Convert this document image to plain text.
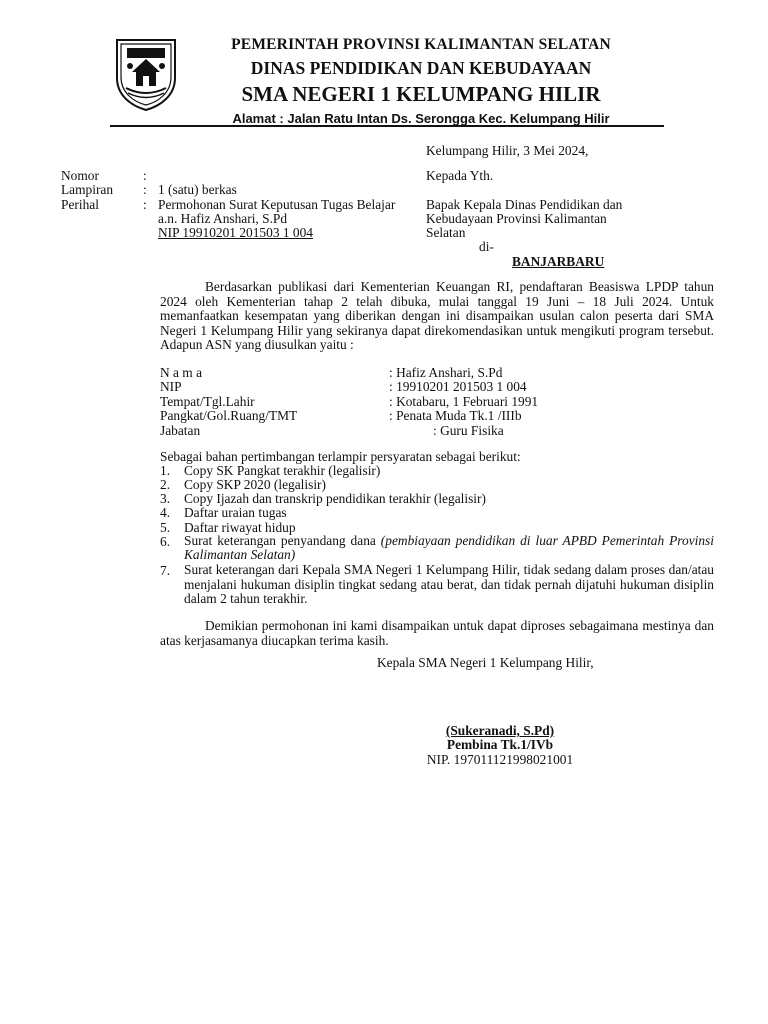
PEMERINTAH PROVINSI KALIMANTAN SELATAN
DINAS PENDIDIKAN DAN KEBUDAYAAN
SMA NEGERI 1 KELUMPANG HILIR
Alamat : Jalan Ratu Intan Ds. Serongga Kec. Kelumpang Hilir
Kelumpang Hilir, 3 Mei 2024,
Nomor	:
Lampiran : 1 (satu) berkas
Perihal	: Permohonan Surat Keputusan Tugas Belajar
a.n. Hafiz Anshari, S.Pd
NIP 19910201 201503 1 004
Kepada Yth.
Bapak Kepala Dinas Pendidikan dan
Kebudayaan Provinsi Kalimantan
Selatan
di-
BANJARBARU
Berdasarkan publikasi dari Kementerian Keuangan RI, pendaftaran Beasiswa LPDP tahun 2024 oleh Kementerian tahap 2 telah dibuka, mulai tanggal 19 Juni – 18 Juli 2024. Untuk memanfaatkan kesempatan yang diberikan dengan ini disampaikan usulan calon peserta dari SMA Negeri 1 Kelumpang Hilir yang sekiranya dapat direkomendasikan untuk mengikuti program tersebut. Adapun ASN yang diusulkan yaitu :
N a m a	: Hafiz Anshari, S.Pd
NIP	: 19910201 201503 1 004
Tempat/Tgl.Lahir	: Kotabaru, 1 Februari 1991
Pangkat/Gol.Ruang/TMT	: Penata Muda Tk.1 /IIIb
Jabatan	: Guru Fisika
Sebagai bahan pertimbangan terlampir persyaratan sebagai berikut:
1. Copy SK Pangkat terakhir (legalisir)
2. Copy SKP 2020 (legalisir)
3. Copy Ijazah dan transkrip pendidikan terakhir (legalisir)
4. Daftar uraian tugas
5. Daftar riwayat hidup
6. Surat keterangan penyandang dana (pembiayaan pendidikan di luar APBD Pemerintah Provinsi Kalimantan Selatan)
7. Surat keterangan dari Kepala SMA Negeri 1 Kelumpang Hilir, tidak sedang dalam proses dan/atau menjalani hukuman disiplin tingkat sedang atau berat, dan tidak pernah dijatuhi hukuman disiplin dalam 2 tahun terakhir.
Demikian permohonan ini kami disampaikan untuk dapat diproses sebagaimana mestinya dan atas kerjasamanya diucapkan terima kasih.
Kepala SMA Negeri 1 Kelumpang Hilir,
(Sukeranadi, S.Pd)
Pembina Tk.1/IVb
NIP. 197011121998021001
